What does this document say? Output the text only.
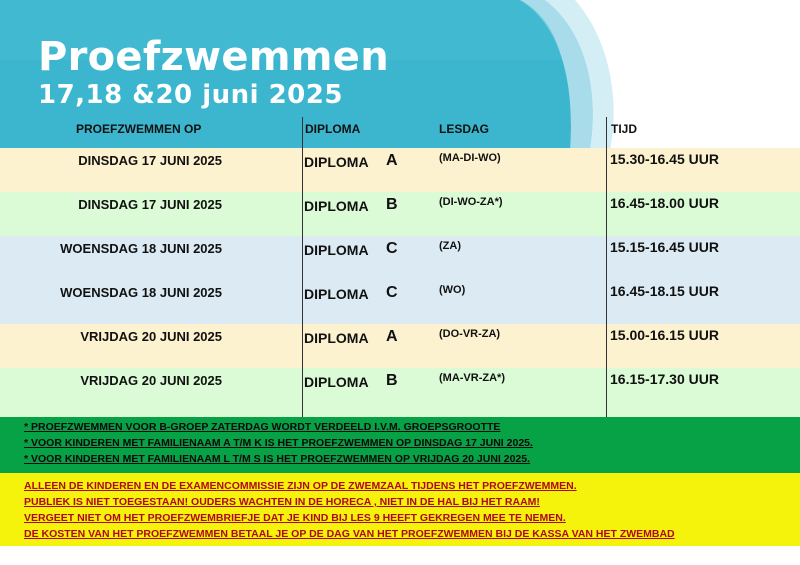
Proefzwemmen
17,18 &20 juni 2025
PROEFZWEMMEN OP	DIPLOMA	LESDAG	TIJD
DINSDAG 17 JUNI 2025	DIPLOMA A	(MA-DI-WO)	15.30-16.45 UUR
DINSDAG 17 JUNI 2025	DIPLOMA B	(DI-WO-ZA*)	16.45-18.00 UUR
WOENSDAG 18 JUNI 2025	DIPLOMA C	(ZA)	15.15-16.45 UUR
WOENSDAG 18 JUNI 2025	DIPLOMA C	(WO)	16.45-18.15 UUR
VRIJDAG 20 JUNI 2025	DIPLOMA A	(DO-VR-ZA)	15.00-16.15 UUR
VRIJDAG 20 JUNI 2025	DIPLOMA B	(MA-VR-ZA*)	16.15-17.30 UUR
* PROEFZWEMMEN VOOR B-GROEP ZATERDAG WORDT VERDEELD I.V.M. GROEPSGROOTTE
* VOOR KINDEREN MET FAMILIENAAM A T/M K IS HET PROEFZWEMMEN OP DINSDAG 17 JUNI 2025.
* VOOR KINDEREN MET FAMILIENAAM L T/M S IS HET PROEFZWEMMEN OP VRIJDAG 20 JUNI 2025.
ALLEEN DE KINDEREN EN DE EXAMENCOMMISSIE ZIJN OP DE ZWEMZAAL TIJDENS HET PROEFZWEMMEN.
PUBLIEK IS NIET TOEGESTAAN! OUDERS WACHTEN IN DE HORECA , NIET IN DE HAL BIJ HET RAAM!
VERGEET NIET OM HET PROEFZWEMBRIEFJE DAT JE KIND BIJ LES 9 HEEFT GEKREGEN MEE TE NEMEN.
DE KOSTEN VAN HET PROEFZWEMMEN BETAAL JE OP DE DAG VAN HET PROEFZWEMMEN BIJ DE KASSA VAN HET ZWEMBAD
